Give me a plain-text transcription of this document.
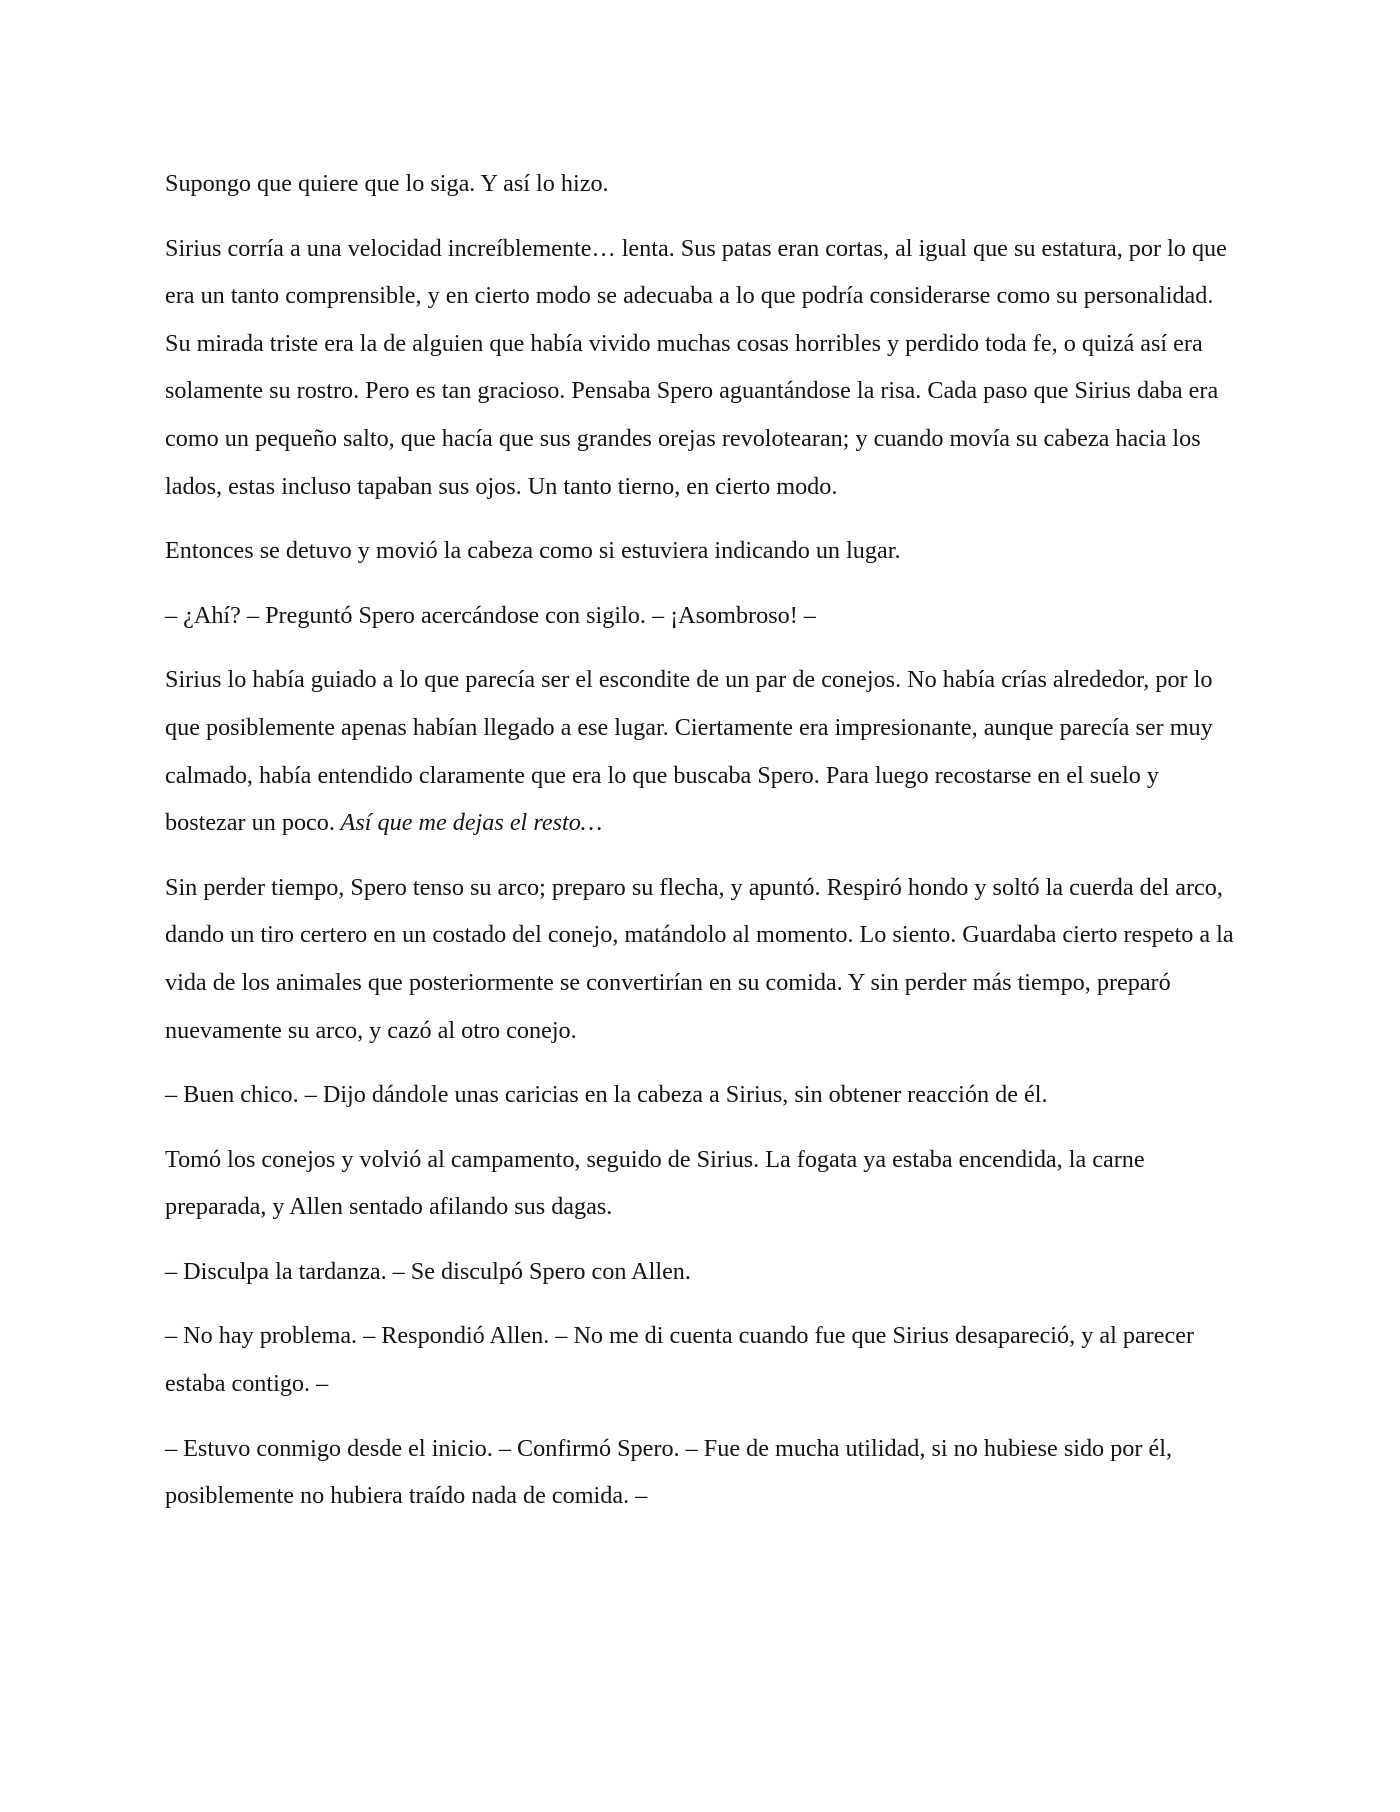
Supongo que quiere que lo siga. Y así lo hizo.

Sirius corría a una velocidad increíblemente… lenta. Sus patas eran cortas, al igual que su estatura, por lo que era un tanto comprensible, y en cierto modo se adecuaba a lo que podría considerarse como su personalidad. Su mirada triste era la de alguien que había vivido muchas cosas horribles y perdido toda fe, o quizá así era solamente su rostro. Pero es tan gracioso. Pensaba Spero aguantándose la risa. Cada paso que Sirius daba era como un pequeño salto, que hacía que sus grandes orejas revolotearan; y cuando movía su cabeza hacia los lados, estas incluso tapaban sus ojos. Un tanto tierno, en cierto modo.

Entonces se detuvo y movió la cabeza como si estuviera indicando un lugar.

– ¿Ahí? – Preguntó Spero acercándose con sigilo. – ¡Asombroso! –

Sirius lo había guiado a lo que parecía ser el escondite de un par de conejos. No había crías alrededor, por lo que posiblemente apenas habían llegado a ese lugar. Ciertamente era impresionante, aunque parecía ser muy calmado, había entendido claramente que era lo que buscaba Spero. Para luego recostarse en el suelo y bostezar un poco. Así que me dejas el resto…

Sin perder tiempo, Spero tenso su arco; preparo su flecha, y apuntó. Respiró hondo y soltó la cuerda del arco, dando un tiro certero en un costado del conejo, matándolo al momento. Lo siento. Guardaba cierto respeto a la vida de los animales que posteriormente se convertirían en su comida. Y sin perder más tiempo, preparó nuevamente su arco, y cazó al otro conejo.

– Buen chico. – Dijo dándole unas caricias en la cabeza a Sirius, sin obtener reacción de él.

Tomó los conejos y volvió al campamento, seguido de Sirius. La fogata ya estaba encendida, la carne preparada, y Allen sentado afilando sus dagas.

– Disculpa la tardanza. – Se disculpó Spero con Allen.

– No hay problema. – Respondió Allen. – No me di cuenta cuando fue que Sirius desapareció, y al parecer estaba contigo. –

– Estuvo conmigo desde el inicio. – Confirmó Spero. – Fue de mucha utilidad, si no hubiese sido por él, posiblemente no hubiera traído nada de comida. –
